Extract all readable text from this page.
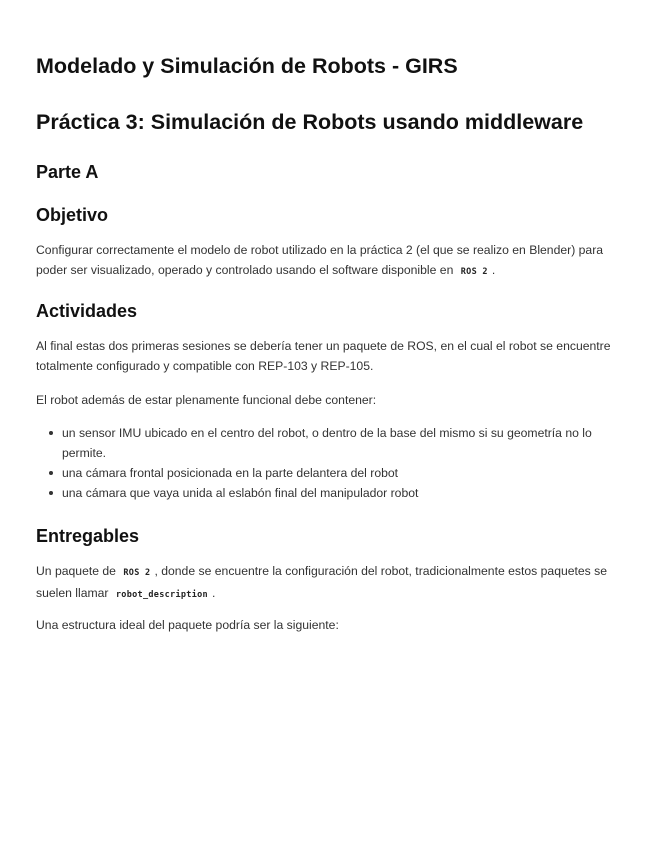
Modelado y Simulación de Robots - GIRS
Práctica 3: Simulación de Robots usando middleware
Parte A
Objetivo

Configurar correctamente el modelo de robot utilizado en la práctica 2 (el que se realizo en Blender) para poder ser visualizado, operado y controlado usando el software disponible en ROS 2 .

Actividades

Al final estas dos primeras sesiones se debería tener un paquete de ROS, en el cual el robot se encuentre totalmente configurado y compatible con REP-103 y REP-105.

El robot además de estar plenamente funcional debe contener:

un sensor IMU ubicado en el centro del robot, o dentro de la base del mismo si su geometría no lo permite.
una cámara frontal posicionada en la parte delantera del robot
una cámara que vaya unida al eslabón final del manipulador robot
Entregables

Un paquete de ROS 2 , donde se encuentre la configuración del robot, tradicionalmente estos paquetes se suelen llamar robot_description .

Una estructura ideal del paquete podría ser la siguiente:
